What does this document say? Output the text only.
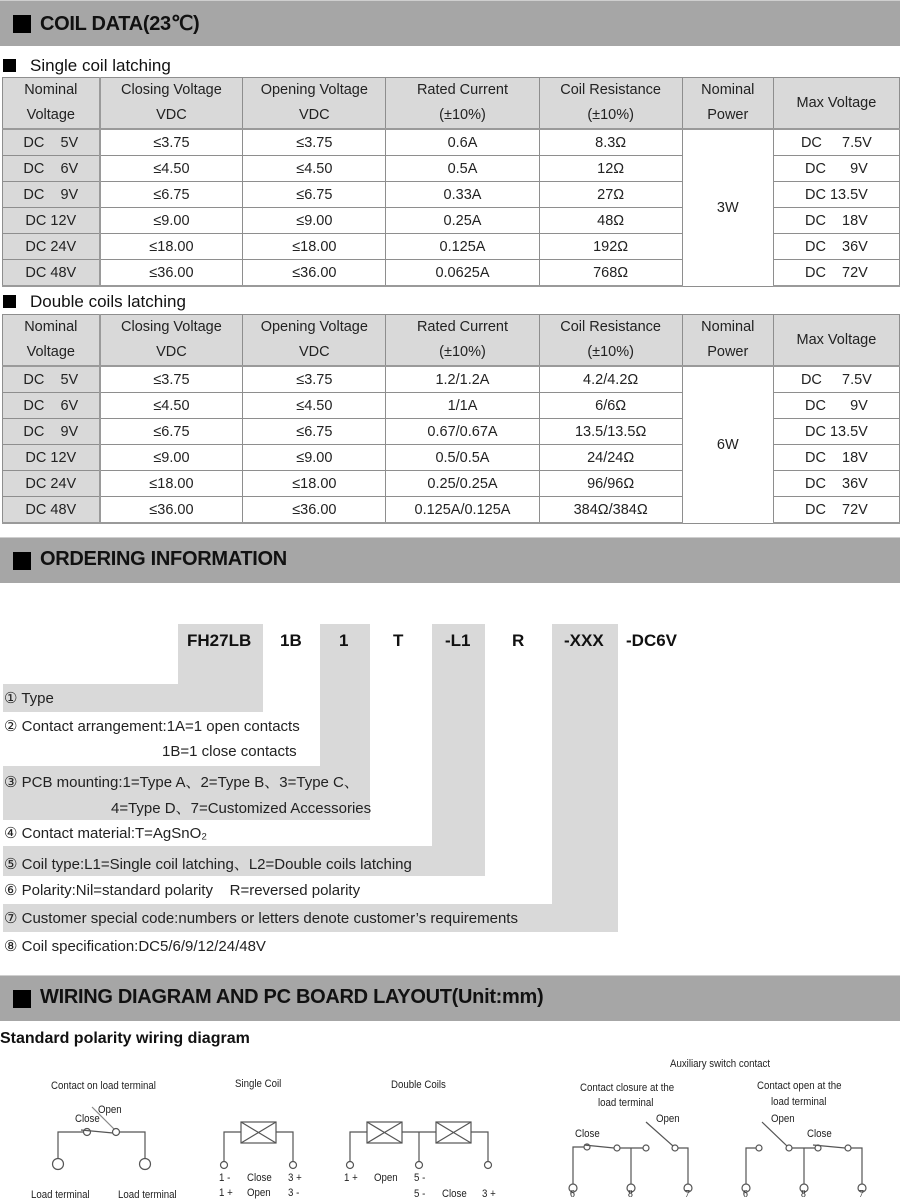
COIL DATA(23℃)
Single coil latching
Nominal	Closing Voltage	Opening Voltage	Rated Current	Coil Resistance	Nominal	Max Voltage
Voltage	VDC	VDC	(±10%)	(±10%)	Power	
DC    5V	≤3.75	≤3.75	0.6A	8.3Ω	3W	DC     7.5V
DC    6V	≤4.50	≤4.50	0.5A	12Ω		DC      9V
DC    9V	≤6.75	≤6.75	0.33A	27Ω		DC 13.5V
DC 12V	≤9.00	≤9.00	0.25A	48Ω		DC    18V
DC 24V	≤18.00	≤18.00	0.125A	192Ω		DC    36V
DC 48V	≤36.00	≤36.00	0.0625A	768Ω		DC    72V
Double coils latching
Nominal	Closing Voltage	Opening Voltage	Rated Current	Coil Resistance	Nominal	Max Voltage
Voltage	VDC	VDC	(±10%)	(±10%)	Power	
DC    5V	≤3.75	≤3.75	1.2/1.2A	4.2/4.2Ω	6W	DC     7.5V
DC    6V	≤4.50	≤4.50	1/1A	6/6Ω		DC      9V
DC    9V	≤6.75	≤6.75	0.67/0.67A	13.5/13.5Ω		DC 13.5V
DC 12V	≤9.00	≤9.00	0.5/0.5A	24/24Ω		DC    18V
DC 24V	≤18.00	≤18.00	0.25/0.25A	96/96Ω		DC    36V
DC 48V	≤36.00	≤36.00	0.125A/0.125A	384Ω/384Ω		DC    72V
ORDERING INFORMATION
FH27LB 1B 1	T -L1 R -XXX -DC6V
① Type
② Contact arrangement:1A=1 open contacts
1B=1 close contacts
③ PCB mounting:1=Type A、2=Type B、3=Type C、
4=Type D、7=Customized Accessories
④ Contact material:T=AgSnO₂
⑤ Coil type:L1=Single coil latching、L2=Double coils latching
⑥ Polarity:Nil=standard polarity    R=reversed polarity
⑦ Customer special code:numbers or letters denote customer’s requirements
⑧ Coil specification:DC5/6/9/12/24/48V
WIRING DIAGRAM AND PC BOARD LAYOUT(Unit:mm)
Standard polarity wiring diagram
Contact on load terminal
Open
Close
Load terminal	Load terminal
Single Coil
1 - Close 3 +
1 + Open 3 -
Double Coils
1 + Open 5 -
5 - Close 3 +
Auxiliary switch contact
Contact closure at the
load terminal
Open
Close
Contact open at the
load terminal
Open
Close
6	8	7	6	8	7
